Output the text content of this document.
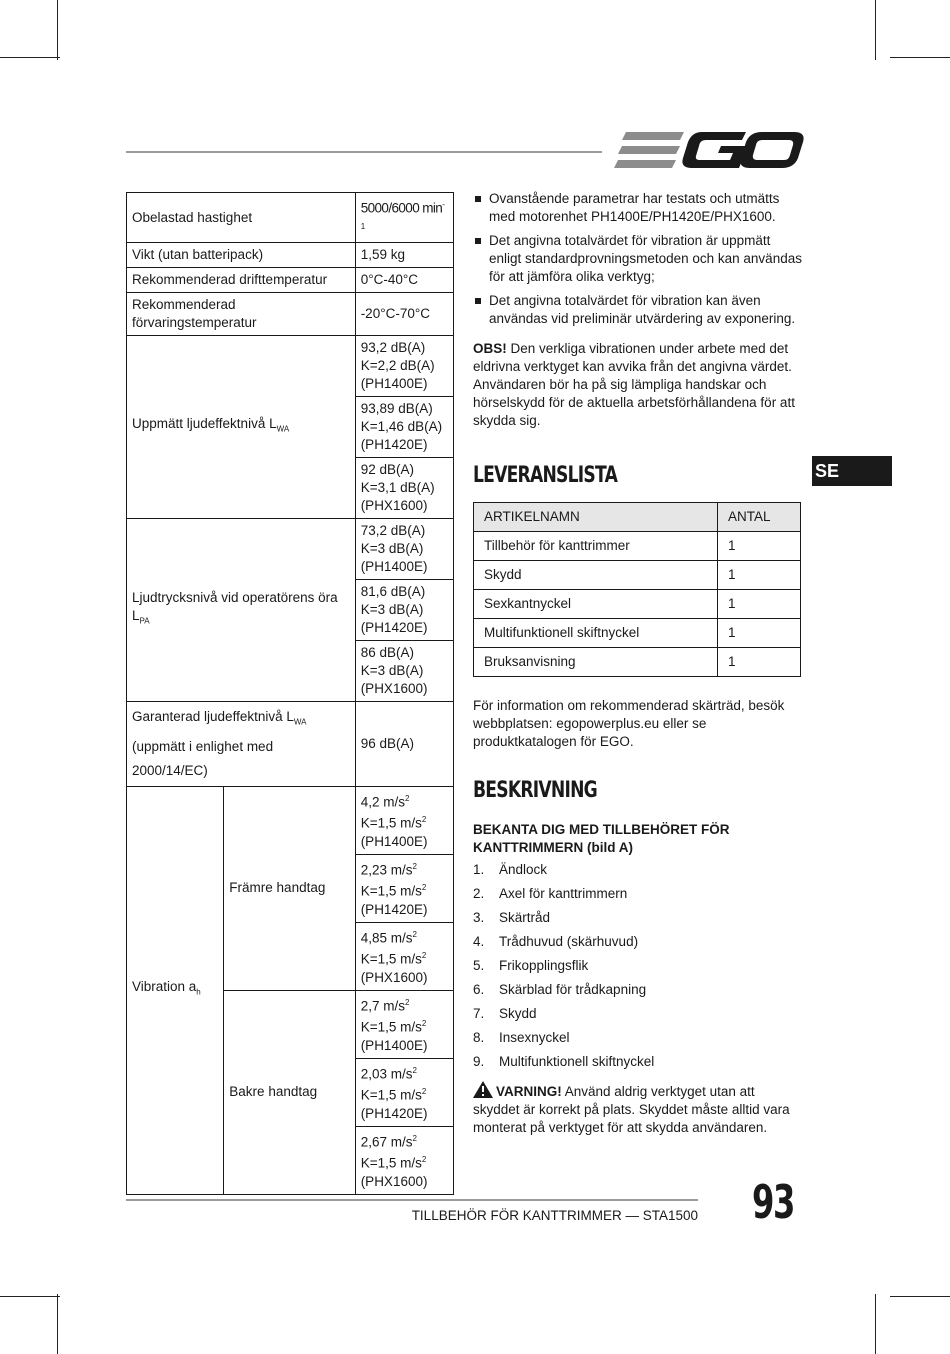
Obelastad hastighet		5000/6000 $\min^{-1}$
Vikt (utan batteripack)		1,59 kg
Rekommenderad drifttemperatur		0°C-40°C
Rekommenderad
förvaringstemperatur		-20°C-70°C
Uppmätt ljudeffektnivå $L_{WA}$		93,2 dB(A)
K=2,2 dB(A)
(PH1400E)
		93,89 dB(A)
K=1,46 dB(A)
(PH1420E)
		92 dB(A)
K=3,1 dB(A)
(PHX1600)
Ljudtrycksnivå vid operatörens öra $L_{PA}$		73,2 dB(A)
K=3 dB(A)
(PH1400E)
		81,6 dB(A)
K=3 dB(A)
(PH1420E)
		86 dB(A)
K=3 dB(A)
(PHX1600)
Garanterad ljudeffektnivå $L_{WA}$
(uppmätt i enlighet med 2000/14/EC)		96 dB(A)
Vibration $a_h$	Främre handtag	4,2 $m/s^2$
K=1,5 $m/s^2$
(PH1400E)
		2,23 $m/s^2$
K=1,5 $m/s^2$
(PH1420E)
		4,85 $m/s^2$
K=1,5 $m/s^2$
(PHX1600)
	Bakre handtag	2,7 $m/s^2$
K=1,5 $m/s^2$
(PH1400E)
		2,03 $m/s^2$
K=1,5 $m/s^2$
(PH1420E)
		2,67 $m/s^2$
K=1,5 $m/s^2$
(PHX1600)
Ovanstående parametrar har testats och utmätts med motorenhet PH1400E/PH1420E/PHX1600.
Det angivna totalvärdet för vibration är uppmätt enligt standardprovningsmetoden och kan användas för att jämföra olika verktyg;
Det angivna totalvärdet för vibration kan även användas vid preliminär utvärdering av exponering.

OBS! Den verkliga vibrationen under arbete med det eldrivna verktyget kan avvika från det angivna värdet. Användaren bör ha på sig lämpliga handskar och hörselskydd för de aktuella arbetsförhållandena för att skydda sig.

LEVERANSLISTA
ARTIKELNAMN	ANTAL
Tillbehör för kanttrimmer	1
Skydd	1
Sexkantnyckel	1
Multifunktionell skiftnyckel	1
Bruksanvisning	1

För information om rekommenderad skärträd, besök webbplatsen: egopowerplus.eu eller se produktkatalogen för EGO.

BESKRIVNING
BEKANTA DIG MED TILLBEHÖRET FÖR KANTTRIMMERN (bild A)
1.	Ändlock
2.	Axel för kanttrimmern
3.	Skärtråd
4.	Trådhuvud (skärhuvud)
5.	Frikopplingsflik
6.	Skärblad för trådkapning
7.	Skydd
8.	Insexnyckel
9.	Multifunktionell skiftnyckel

VARNING! Använd aldrig verktyget utan att skyddet är korrekt på plats. Skyddet måste alltid vara monterat på verktyget för att skydda användaren.

SE
TILLBEHÖR FÖR KANTTRIMMER — STA1500 93
